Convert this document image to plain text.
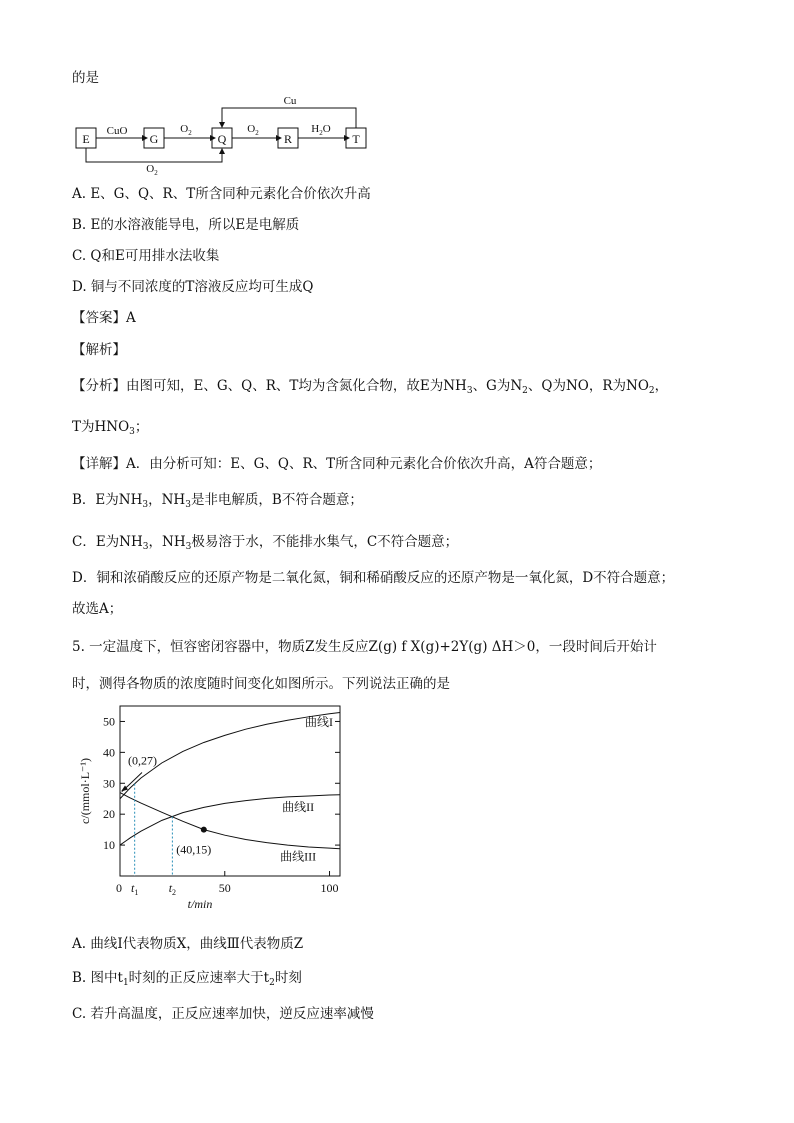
的是
E	G	Q	R	T
CuO	$O_2$	$O_2$	$H_2O$
Cu
$O_2$
A. E、G、Q、R、T所含同种元素化合价依次升高
B. E的水溶液能导电，所以E是电解质
C. Q和E可用排水法收集
D. 铜与不同浓度的T溶液反应均可生成Q
【答案】A
【解析】
【分析】由图可知，E、G、Q、R、T均为含氮化合物，故E为$NH_3$、G为$N_2$、Q为NO，R为$NO_2$，
T为$HNO_3$；
【详解】A．由分析可知：E、G、Q、R、T所含同种元素化合价依次升高，A符合题意；
B．E为$NH_3$，$NH_3$是非电解质，B不符合题意；
C．E为$NH_3$，$NH_3$极易溶于水，不能排水集气，C不符合题意；
D．铜和浓硝酸反应的还原产物是二氧化氮，铜和稀硝酸反应的还原产物是一氧化氮，D不符合题意；
故选A；
5. 一定温度下，恒容密闭容器中，物质Z发生反应Z(g) f X(g)+2Y(g) ΔH＞0，一段时间后开始计
时，测得各物质的浓度随时间变化如图所示。下列说法正确的是
10
20
30
40
50
0	50	100
$t_1$	$t_2$
曲线I
曲线II
曲线III
(0,27)
(40,15)
t/min
c/(mmol·L⁻¹)
A. 曲线Ⅰ代表物质X，曲线Ⅲ代表物质Z
B. 图中$t_1$时刻的正反应速率大于$t_2$时刻
C. 若升高温度，正反应速率加快，逆反应速率减慢
